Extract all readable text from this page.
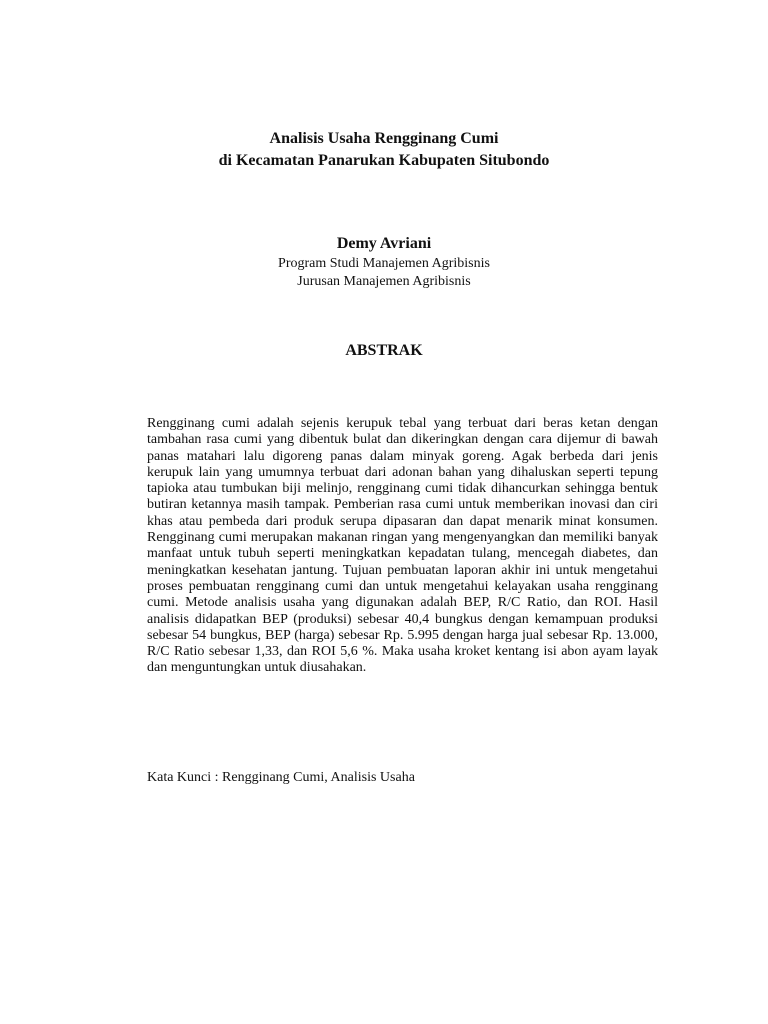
Analisis Usaha Rengginang Cumi
di Kecamatan Panarukan Kabupaten Situbondo
Demy Avriani
Program Studi Manajemen Agribisnis
Jurusan Manajemen Agribisnis
ABSTRAK

Rengginang cumi adalah sejenis kerupuk tebal yang terbuat dari beras ketan dengan tambahan rasa cumi yang dibentuk bulat dan dikeringkan dengan cara dijemur di bawah panas matahari lalu digoreng panas dalam minyak goreng. Agak berbeda dari jenis kerupuk lain yang umumnya terbuat dari adonan bahan yang dihaluskan seperti tepung tapioka atau tumbukan biji melinjo, rengginang cumi tidak dihancurkan sehingga bentuk butiran ketannya masih tampak. Pemberian rasa cumi untuk memberikan inovasi dan ciri khas atau pembeda dari produk serupa dipasaran dan dapat menarik minat konsumen. Rengginang cumi merupakan makanan ringan yang mengenyangkan dan memiliki banyak manfaat untuk tubuh seperti meningkatkan kepadatan tulang, mencegah diabetes, dan meningkatkan kesehatan jantung. Tujuan pembuatan laporan akhir ini untuk mengetahui proses pembuatan rengginang cumi dan untuk mengetahui kelayakan usaha rengginang cumi. Metode analisis usaha yang digunakan adalah BEP, R/C Ratio, dan ROI. Hasil analisis didapatkan BEP (produksi) sebesar 40,4 bungkus dengan kemampuan produksi sebesar 54 bungkus, BEP (harga) sebesar Rp. 5.995 dengan harga jual sebesar Rp. 13.000, R/C Ratio sebesar 1,33, dan ROI 5,6 %. Maka usaha kroket kentang isi abon ayam layak dan menguntungkan untuk diusahakan.

Kata Kunci : Rengginang Cumi, Analisis Usaha
